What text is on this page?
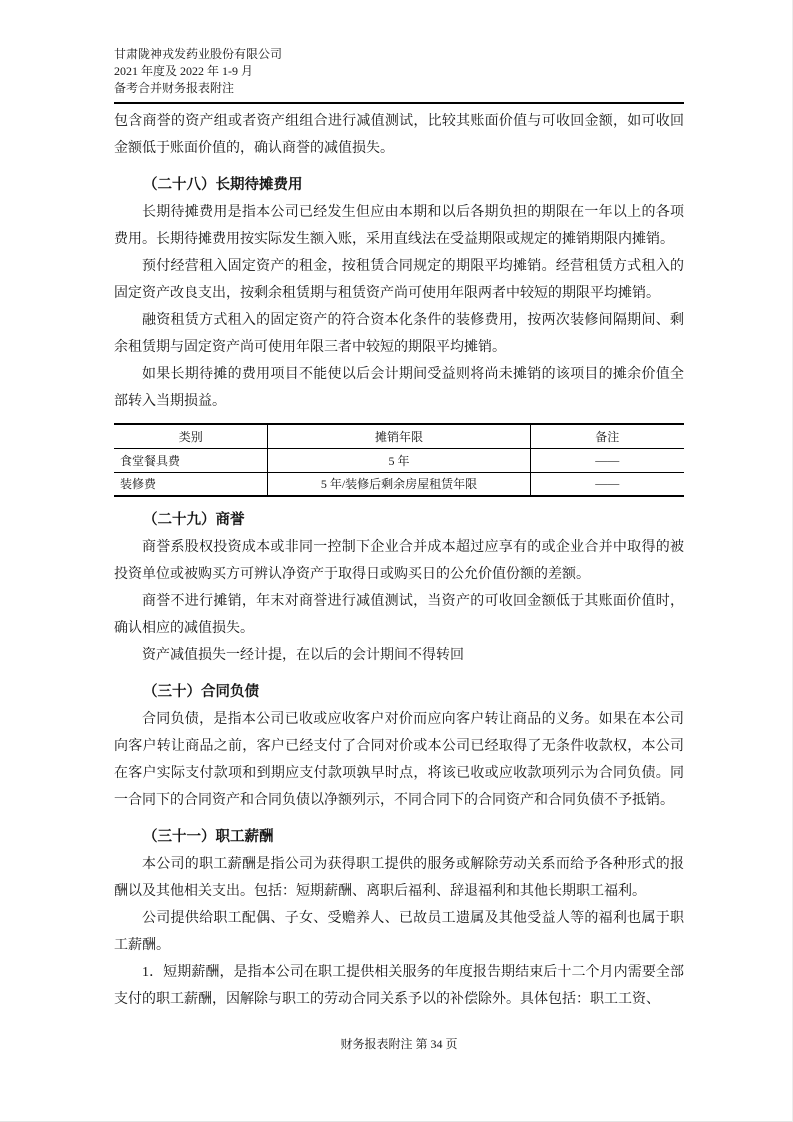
甘肃陇神戎发药业股份有限公司
2021 年度及 2022 年 1-9 月
备考合并财务报表附注

包含商誉的资产组或者资产组组合进行减值测试，比较其账面价值与可收回金额，如可收回金额低于账面价值的，确认商誉的减值损失。

（二十八）长期待摊费用

长期待摊费用是指本公司已经发生但应由本期和以后各期负担的期限在一年以上的各项费用。长期待摊费用按实际发生额入账，采用直线法在受益期限或规定的摊销期限内摊销。

预付经营租入固定资产的租金，按租赁合同规定的期限平均摊销。经营租赁方式租入的固定资产改良支出，按剩余租赁期与租赁资产尚可使用年限两者中较短的期限平均摊销。

融资租赁方式租入的固定资产的符合资本化条件的装修费用，按两次装修间隔期间、剩余租赁期与固定资产尚可使用年限三者中较短的期限平均摊销。

如果长期待摊的费用项目不能使以后会计期间受益则将尚未摊销的该项目的摊余价值全部转入当期损益。

类别	摊销年限	备注
食堂餐具费	5 年	——
装修费	5 年/装修后剩余房屋租赁年限	——
（二十九）商誉

商誉系股权投资成本或非同一控制下企业合并成本超过应享有的或企业合并中取得的被投资单位或被购买方可辨认净资产于取得日或购买日的公允价值份额的差额。

商誉不进行摊销，年末对商誉进行减值测试，当资产的可收回金额低于其账面价值时，确认相应的减值损失。

资产减值损失一经计提，在以后的会计期间不得转回

（三十）合同负债

合同负债，是指本公司已收或应收客户对价而应向客户转让商品的义务。如果在本公司向客户转让商品之前，客户已经支付了合同对价或本公司已经取得了无条件收款权，本公司在客户实际支付款项和到期应支付款项孰早时点，将该已收或应收款项列示为合同负债。同一合同下的合同资产和合同负债以净额列示，不同合同下的合同资产和合同负债不予抵销。

（三十一）职工薪酬

本公司的职工薪酬是指公司为获得职工提供的服务或解除劳动关系而给予各种形式的报酬以及其他相关支出。包括：短期薪酬、离职后福利、辞退福利和其他长期职工福利。

公司提供给职工配偶、子女、受赡养人、已故员工遗属及其他受益人等的福利也属于职工薪酬。

1．短期薪酬，是指本公司在职工提供相关服务的年度报告期结束后十二个月内需要全部支付的职工薪酬，因解除与职工的劳动合同关系予以的补偿除外。具体包括：职工工资、

财务报表附注 第 34 页
